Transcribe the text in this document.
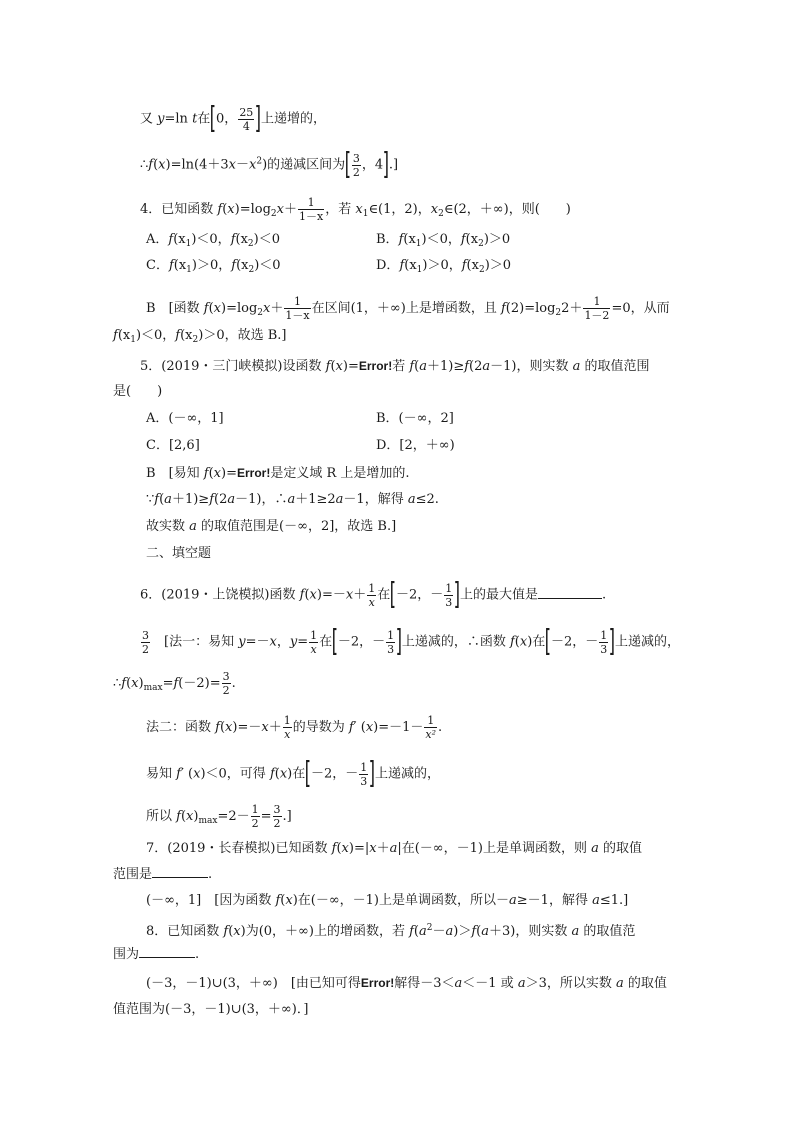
又 y=ln t在[0， $\frac{25}{4}$ ]上递增的，
$\therefore f(x)=\ln(4+3x-x^2)$的递减区间为[ $\frac{3}{2}$ ，4].]
4．已知函数 $f(x)=\log_2x+ \frac{1}{1-x}$ ，若 $x_1\in(1$，2)，$x_2\in(2$，＋∞)，则(　　)
A．$f(x_1)<0$，$f(x_2)<0$	B．$f(x_1)<0$，$f(x_2)>0$
C．$f(x_1)>0$，$f(x_2)<0$	D．$f(x_1)>0$，$f(x_2)>0$
B　[函数 $f(x)=\log_2x+ \frac{1}{1-x}$ 在区间(1，＋∞)上是增函数，且 $f(2)=\log_22+ \frac{1}{1-2} =0$，从而
$f(x_1)<0$，$f(x_2)>0$，故选 B.]
5．(2019・三门峡模拟)设函数 f(x)=Error!若 f(a＋1)≥f(2a－1)，则实数 a 的取值范围
是(　　)
A．(－∞，1]	B．(－∞，2]
C．[2,6]	D．[2，＋∞)
B　[易知 f(x)=Error!是定义域 R 上是增加的.
∵f(a＋1)≥f(2a－1)，∴a＋1≥2a－1，解得 a≤2.
故实数 a 的取值范围是(－∞，2]，故选 B.]
二、填空题
6．(2019・上饶模拟)函数 $f(x)=-x+ \frac{1}{x}$ 在[－2，－ $\frac{1}{3}$ ]上的最大值是	.
$\frac{3}{2}$ 　[法一：易知 y=－x，$y= \frac{1}{x}$ 在[－2，－ $\frac{1}{3}$ ]上递减的，∴函数 f(x)在[－2，－ $\frac{1}{3}$ ]上递减的，
$\therefore f(x)_{max}=f(-2)= \frac{3}{2}$ .
法二：函数 $f(x)=-x+ \frac{1}{x}$ 的导数为 f′ $(x)=-1- \frac{1}{\text{x²}}$ .
易知 f′ (x)＜0，可得 f(x)在[－2，－ $\frac{1}{3}$ ]上递减的，
所以 $f(x)_{max}=2- \frac{1}{2} = \frac{3}{2}$ .]
7．(2019・长春模拟)已知函数 f(x)=|x＋a|在(－∞，－1)上是单调函数，则 a 的取值
范围是	.
(－∞，1]　[因为函数 f(x)在(－∞，－1)上是单调函数，所以－a≥－1，解得 a≤1.]
8．已知函数 f(x)为(0，＋∞)上的增函数，若 $f(a^2-a)>f(a+3)$，则实数 a 的取值范
围为	.
(－3，－1)∪(3，＋∞)　[由已知可得Error!解得－3＜a＜－1 或 a＞3，所以实数 a 的取值
值范围为(－3，－1)∪(3，＋∞)．]
